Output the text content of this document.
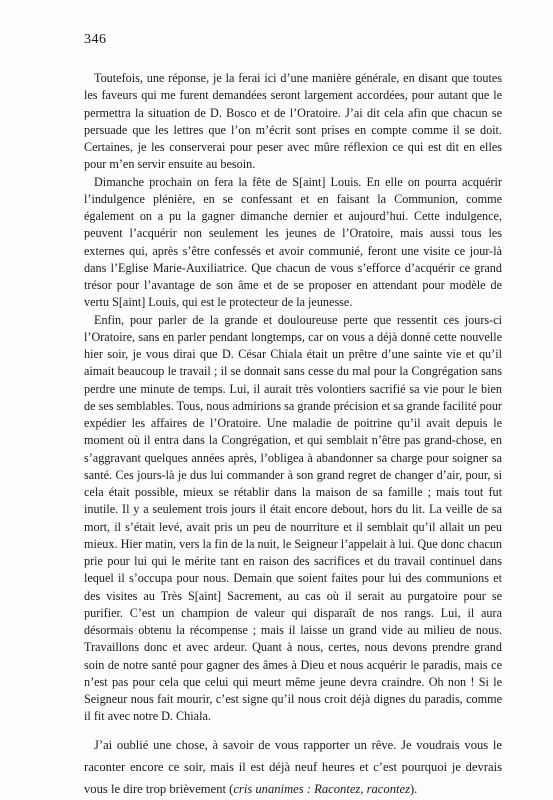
346

Toutefois, une réponse, je la ferai ici d’une manière générale, en disant que toutes les faveurs qui me furent demandées seront largement accordées, pour autant que le permettra la situation de D. Bosco et de l’Oratoire. J’ai dit cela afin que chacun se persuade que les lettres que l’on m’écrit sont prises en compte comme il se doit. Certaines, je les conserverai pour peser avec mûre réflexion ce qui est dit en elles pour m’en servir ensuite au besoin.

Dimanche prochain on fera la fête de S[aint] Louis. En elle on pourra acquérir l’indulgence plénière, en se confessant et en faisant la Communion, comme également on a pu la gagner dimanche dernier et aujourd’hui. Cette indulgence, peuvent l’acquérir non seulement les jeunes de l’Oratoire, mais aussi tous les externes qui, après s’être confessés et avoir communié, feront une visite ce jour-là dans l’Eglise Marie-Auxiliatrice. Que chacun de vous s’efforce d’acquérir ce grand trésor pour l’avantage de son âme et de se proposer en attendant pour modèle de vertu S[aint] Louis, qui est le protecteur de la jeunesse.

Enfin, pour parler de la grande et douloureuse perte que ressentit ces jours-ci l’Oratoire, sans en parler pendant longtemps, car on vous a déjà donné cette nouvelle hier soir, je vous dirai que D. César Chiala était un prêtre d’une sainte vie et qu’il aimait beaucoup le travail ; il se donnait sans cesse du mal pour la Congrégation sans perdre une minute de temps. Lui, il aurait très volontiers sacrifié sa vie pour le bien de ses semblables. Tous, nous admirions sa grande précision et sa grande facilité pour expédier les affaires de l’Oratoire. Une maladie de poitrine qu’il avait depuis le moment où il entra dans la Congrégation, et qui semblait n’être pas grand-chose, en s’aggravant quelques années après, l’obligea à abandonner sa charge pour soigner sa santé. Ces jours-là je dus lui commander à son grand regret de changer d’air, pour, si cela était possible, mieux se rétablir dans la maison de sa famille ; mais tout fut inutile. Il y a seulement trois jours il était encore debout, hors du lit. La veille de sa mort, il s’était levé, avait pris un peu de nourriture et il semblait qu’il allait un peu mieux. Hier matin, vers la fin de la nuit, le Seigneur l’appelait à lui. Que donc chacun prie pour lui qui le mérite tant en raison des sacrifices et du travail continuel dans lequel il s’occupa pour nous. Demain que soient faites pour lui des communions et des visites au Très S[aint] Sacrement, au cas où il serait au purgatoire pour se purifier. C’est un champion de valeur qui disparaît de nos rangs. Lui, il aura désormais obtenu la récompense ; mais il laisse un grand vide au milieu de nous. Travaillons donc et avec ardeur. Quant à nous, certes, nous devons prendre grand soin de notre santé pour gagner des âmes à Dieu et nous acquérir le paradis, mais ce n’est pas pour cela que celui qui meurt même jeune devra craindre. Oh non ! Si le Seigneur nous fait mourir, c’est signe qu’il nous croit déjà dignes du paradis, comme il fit avec notre D. Chiala.

J’ai oublié une chose, à savoir de vous rapporter un rêve. Je voudrais vous le raconter encore ce soir, mais il est déjà neuf heures et c’est pourquoi je devrais vous le dire trop brièvement (cris unanimes : Racontez, racontez).
